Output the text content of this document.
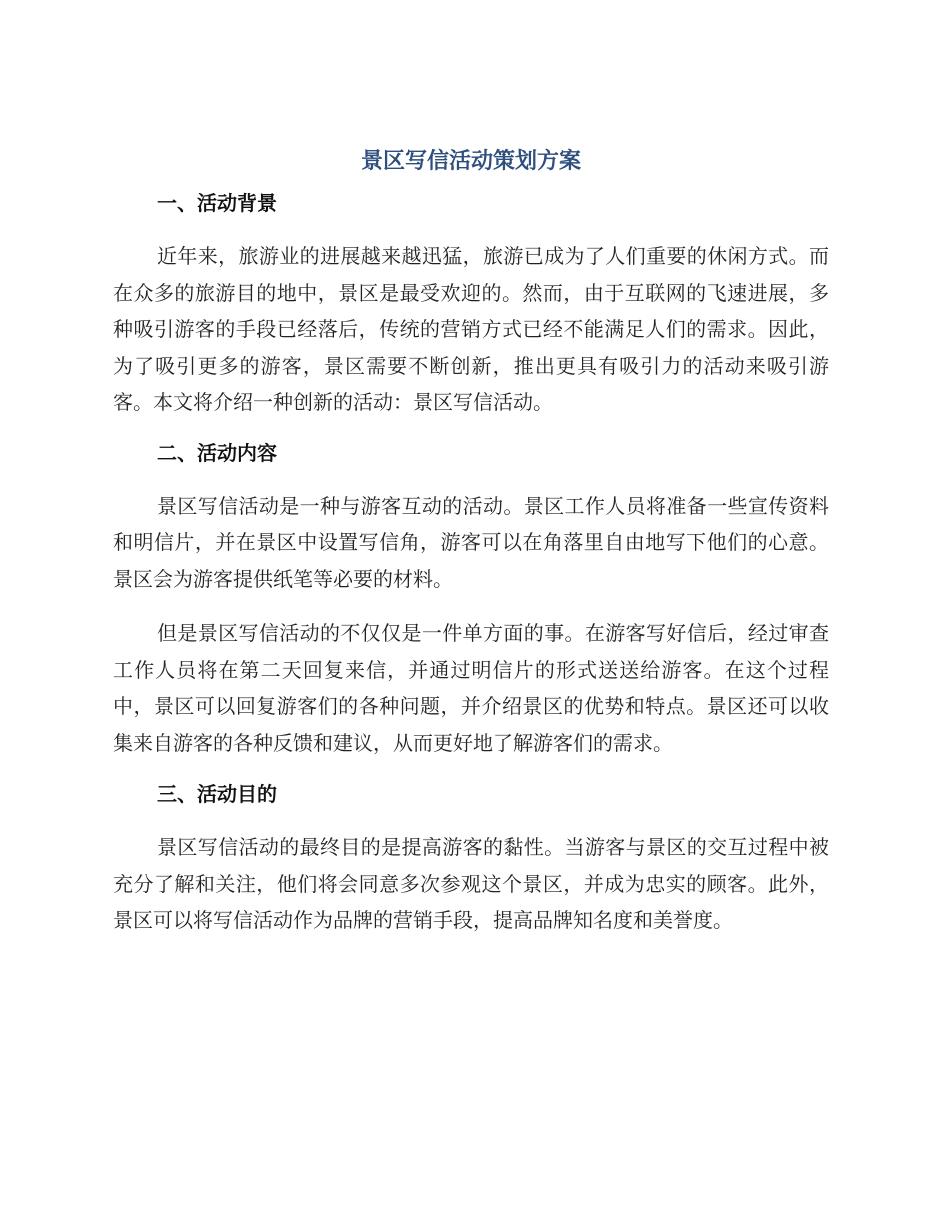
景区写信活动策划方案
一、活动背景

近年来，旅游业的进展越来越迅猛，旅游已成为了人们重要的休闲方式。而在众多的旅游目的地中，景区是最受欢迎的。然而，由于互联网的飞速进展，多种吸引游客的手段已经落后，传统的营销方式已经不能满足人们的需求。因此，为了吸引更多的游客，景区需要不断创新，推出更具有吸引力的活动来吸引游客。本文将介绍一种创新的活动：景区写信活动。

二、活动内容

景区写信活动是一种与游客互动的活动。景区工作人员将准备一些宣传资料和明信片，并在景区中设置写信角，游客可以在角落里自由地写下他们的心意。景区会为游客提供纸笔等必要的材料。

但是景区写信活动的不仅仅是一件单方面的事。在游客写好信后，经过审查工作人员将在第二天回复来信，并通过明信片的形式送送给游客。在这个过程中，景区可以回复游客们的各种问题，并介绍景区的优势和特点。景区还可以收集来自游客的各种反馈和建议，从而更好地了解游客们的需求。

三、活动目的

景区写信活动的最终目的是提高游客的黏性。当游客与景区的交互过程中被充分了解和关注，他们将会同意多次参观这个景区，并成为忠实的顾客。此外，景区可以将写信活动作为品牌的营销手段，提高品牌知名度和美誉度。
